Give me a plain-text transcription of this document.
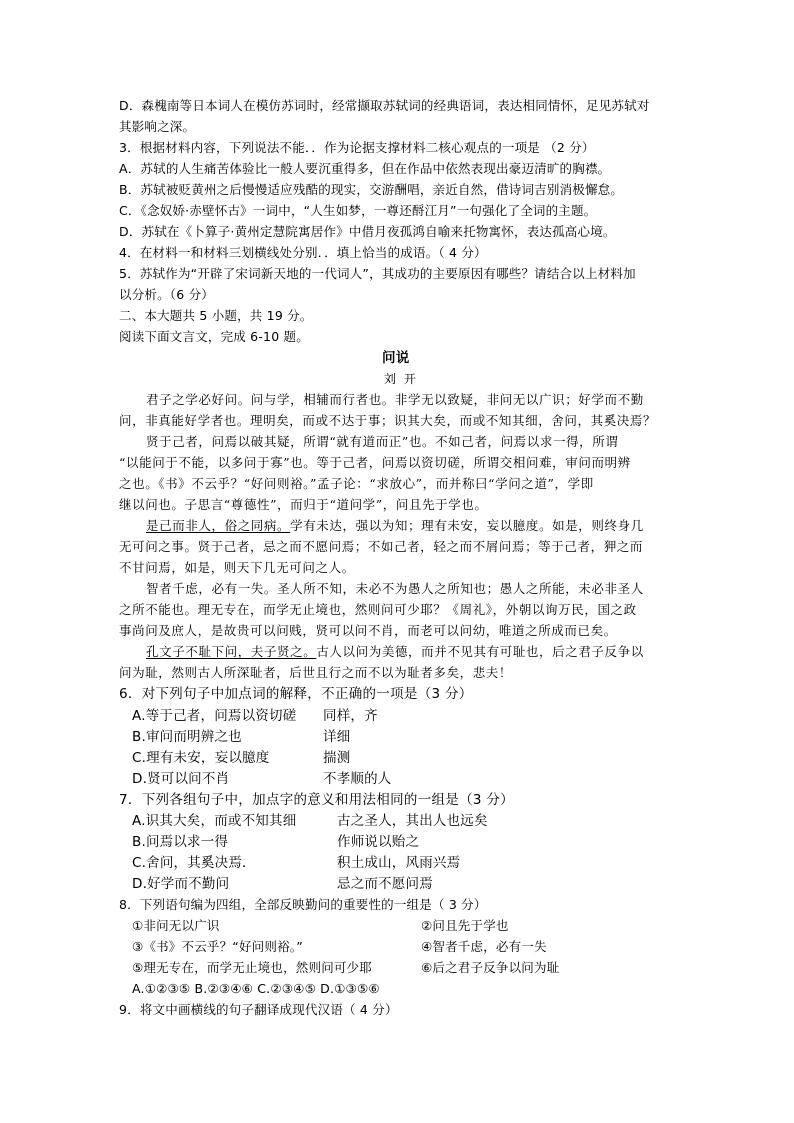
D．森槐南等日本词人在模仿苏词时，经常撷取苏轼词的经典语词，表达相同情怀，足见苏轼对
其影响之深。
3．根据材料内容，下列说法不能．．作为论据支撑材料二核心观点的一项是 （2 分）
A．苏轼的人生痛苦体验比一般人要沉重得多，但在作品中依然表现出豪迈清旷的胸襟。
B．苏轼被贬黄州之后慢慢适应残酷的现实，交游酬唱，亲近自然，借诗词吉别消极懈怠。
C．《念奴娇·赤壁怀古》一词中，“人生如梦，一尊还酹江月”一句强化了全词的主题。
D．苏轼在《卜算子·黄州定慧院寓居作》中借月夜孤鸿自喻来托物寓怀，表达孤高心境。
4．在材料一和材料三划横线处分别．．填上恰当的成语。（ 4 分）
5．苏轼作为“开辟了宋词新天地的一代词人”，其成功的主要原因有哪些？请结合以上材料加
以分析。（6 分）
二、本大题共 5 小题，共 19 分。
阅读下面文言文，完成 6-10 题。
问说
刘 开
君子之学必好问。问与学，相辅而行者也。非学无以致疑，非问无以广识；好学而不勤
问，非真能好学者也。理明矣，而或不达于事；识其大矣，而或不知其细，舍问，其奚决焉？
贤于己者，问焉以破其疑，所谓“就有道而正”也。不如己者，问焉以求一得，所谓
“以能问于不能，以多问于寡”也。等于己者，问焉以资切磋，所谓交相问难，审问而明辨
之也。《书》不云乎？“好问则裕。”孟子论：“求放心”，而并称曰“学问之道”，学即
继以问也。子思言“尊德性”，而归于“道问学”，问且先于学也。
是己而非人，俗之同病。学有未达，强以为知；理有未安，妄以臆度。如是，则终身几
无可问之事。贤于己者，忌之而不愿问焉；不如己者，轻之而不屑问焉；等于己者，狎之而
不甘问焉，如是，则天下几无可问之人。
智者千虑，必有一失。圣人所不知，未必不为愚人之所知也；愚人之所能，未必非圣人
之所不能也。理无专在，而学无止境也，然则问可少耶？《周礼》，外朝以询万民，国之政
事尚问及庶人，是故贵可以问贱，贤可以问不肖，而老可以问幼，唯道之所成而已矣。
孔文子不耻下问，夫子贤之。古人以问为美德，而并不见其有可耻也，后之君子反争以
问为耻，然则古人所深耻者，后世且行之而不以为耻者多矣，悲夫！
6．对下列句子中加点词的解释，不正确的一项是（3 分）
A.等于己者，问焉以资切磋 同样，齐
B.审问而明辨之也	详细
C.理有未安，妄以臆度	揣测
D.贤可以问不肖	不孝顺的人
7．下列各组句子中，加点字的意义和用法相同的一组是（3 分）
A.识其大矣，而或不知其细	古之圣人，其出人也远矣
B.问焉以求一得	作师说以贻之
C.舍问，其奚决焉．	积土成山，风雨兴焉
D.好学而不勤问	忌之而不愿问焉
8．下列语句编为四组，全部反映勤问的重要性的一组是（ 3 分）
①非问无以广识	②问且先于学也
③《书》不云乎？“好问则裕。”	④智者千虑，必有一失
⑤理无专在，而学无止境也，然则问可少耶	⑥后之君子反争以问为耻
A.①②③⑤ B.②③④⑥ C.②③④⑤ D.①③⑤⑥
9．将文中画横线的句子翻译成现代汉语（ 4 分）
